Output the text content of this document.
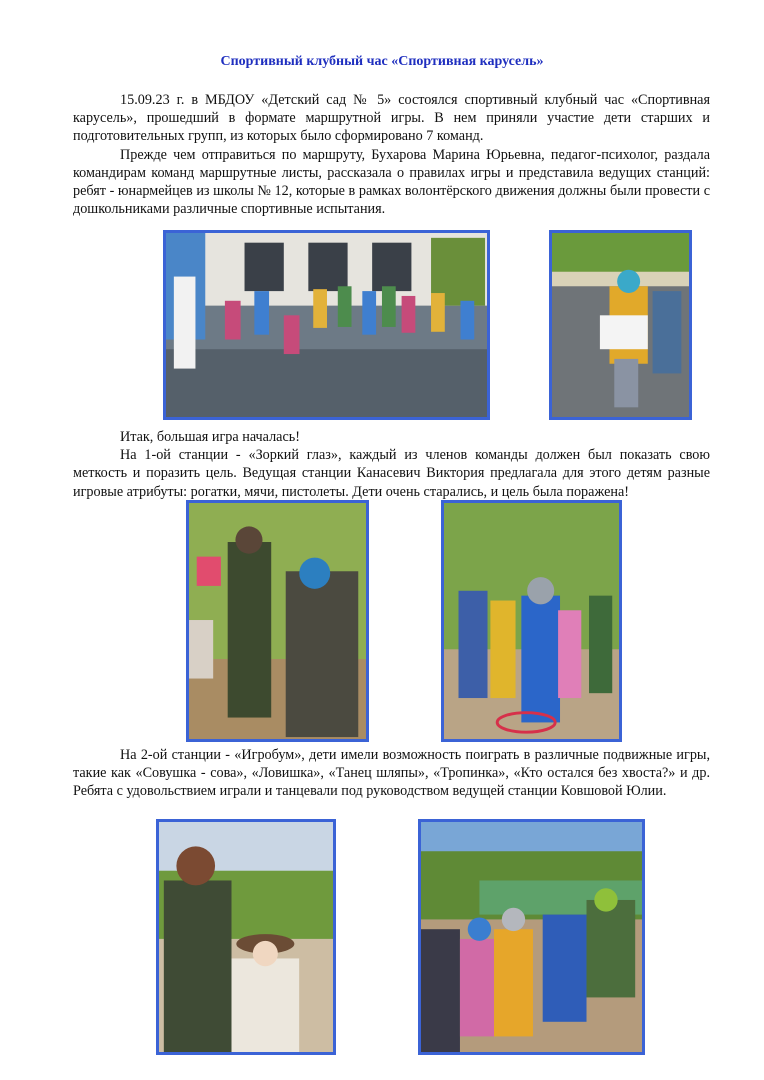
Спортивный клубный час «Спортивная карусель»

15.09.23 г. в МБДОУ «Детский сад № 5» состоялся спортивный клубный час «Спортивная карусель», прошедший в формате маршрутной игры. В нем приняли участие дети старших и подготовительных групп, из которых было сформировано 7 команд.

Прежде чем отправиться по маршруту, Бухарова Марина Юрьевна, педагог-психолог, раздала командирам команд маршрутные листы, рассказала о правилах игры и представила ведущих станций: ребят - юнармейцев из школы № 12, которые в рамках волонтёрского движения должны были провести с дошкольниками различные спортивные испытания.

Итак, большая игра началась!

На 1-ой станции - «Зоркий глаз», каждый из членов команды должен был показать свою меткость и поразить цель. Ведущая станции Канасевич Виктория предлагала для этого детям разные игровые атрибуты: рогатки, мячи, пистолеты. Дети очень старались, и цель была поражена!

На 2-ой станции - «Игробум», дети имели возможность поиграть в различные подвижные игры, такие как «Совушка - сова», «Ловишка», «Танец шляпы», «Тропинка», «Кто остался без хвоста?» и др. Ребята с удовольствием играли и танцевали под руководством ведущей станции Ковшовой Юлии.
